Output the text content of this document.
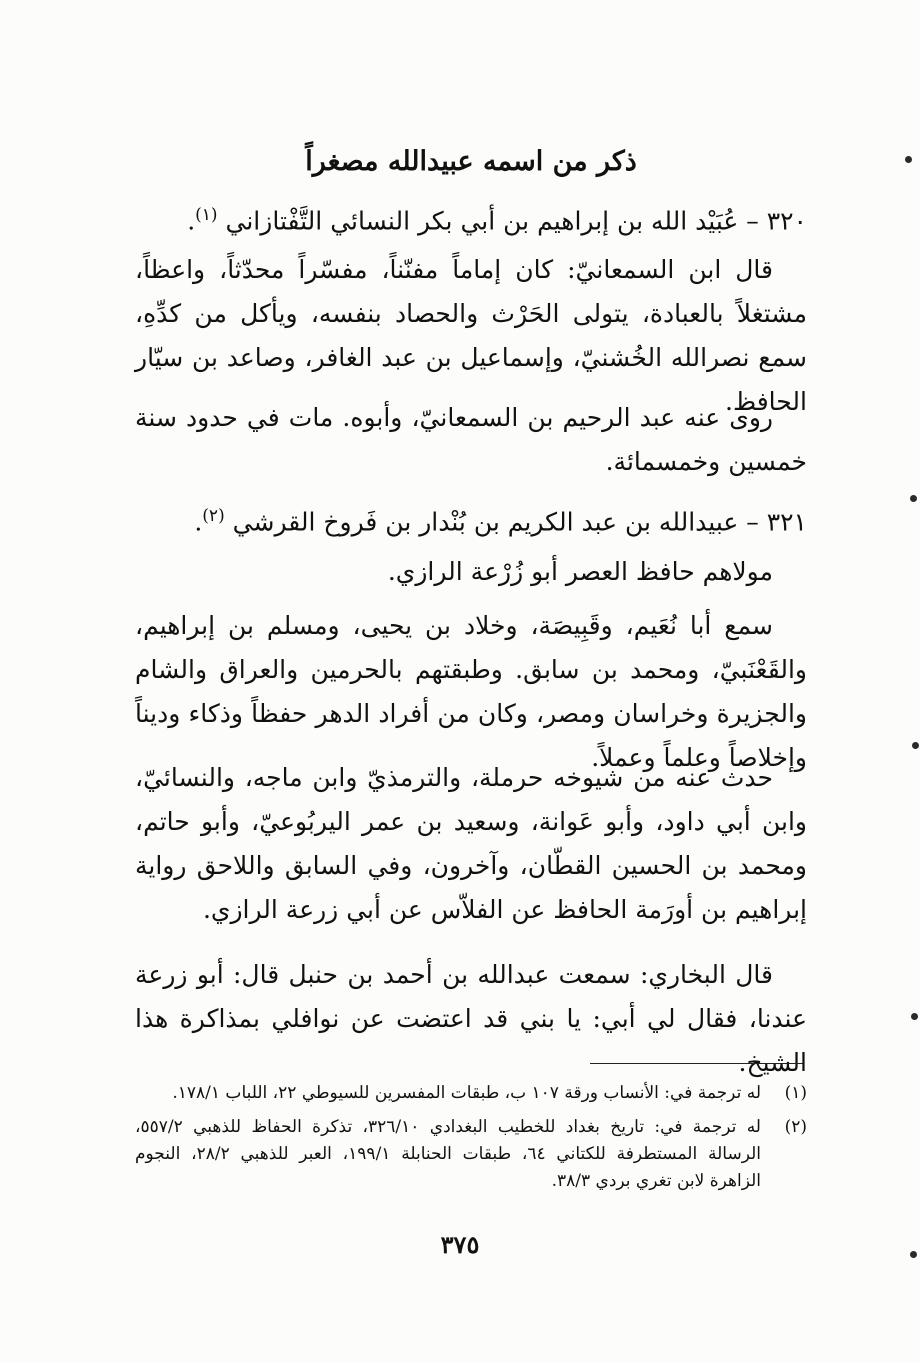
ذكر من اسمه عبيدالله مصغراً
٣٢٠ – عُبَيْد الله بن إبراهيم بن أبي بكر النسائي التَّفْتازاني $^{(١)}$.

قال ابن السمعانيّ: كان إماماً مفنّناً، مفسّراً محدّثاً، واعظاً، مشتغلاً بالعبادة، يتولى الحَرْث والحصاد بنفسه، ويأكل من كدِّهِ، سمع نصرالله الخُشنيّ، وإسماعيل بن عبد الغافر، وصاعد بن سيّار الحافظ.

روى عنه عبد الرحيم بن السمعانيّ، وأبوه. مات في حدود سنة خمسين وخمسمائة.

٣٢١ – عبيدالله بن عبد الكريم بن بُنْدار بن فَروخ القرشي $^{(٢)}$.
مولاهم حافظ العصر أبو زُرْعة الرازي.

سمع أبا نُعَيم، وقَبِيصَة، وخلاد بن يحيى، ومسلم بن إبراهيم، والقَعْنَبيّ، ومحمد بن سابق. وطبقتهم بالحرمين والعراق والشام والجزيرة وخراسان ومصر، وكان من أفراد الدهر حفظاً وذكاء وديناً وإخلاصاً وعلماً وعملاً.

حدث عنه من شيوخه حرملة، والترمذيّ وابن ماجه، والنسائيّ، وابن أبي داود، وأبو عَوانة، وسعيد بن عمر اليربُوعيّ، وأبو حاتم، ومحمد بن الحسين القطّان، وآخرون، وفي السابق واللاحق رواية إبراهيم بن أورَمة الحافظ عن الفلاّس عن أبي زرعة الرازي.

قال البخاري: سمعت عبدالله بن أحمد بن حنبل قال: أبو زرعة عندنا، فقال لي أبي: يا بني قد اعتضت عن نوافلي بمذاكرة هذا الشيخ.

(١)
له ترجمة في: الأنساب ورقة ١٠٧ ب، طبقات المفسرين للسيوطي ٢٢، اللباب ١٧٨/١.
(٢)
له ترجمة في: تاريخ بغداد للخطيب البغدادي ٣٢٦/١٠، تذكرة الحفاظ للذهبي ٥٥٧/٢، الرسالة المستطرفة للكتاني ٦٤، طبقات الحنابلة ١٩٩/١، العبر للذهبي ٢٨/٢، النجوم الزاهرة لابن تغري بردي ٣٨/٣.
٣٧٥
